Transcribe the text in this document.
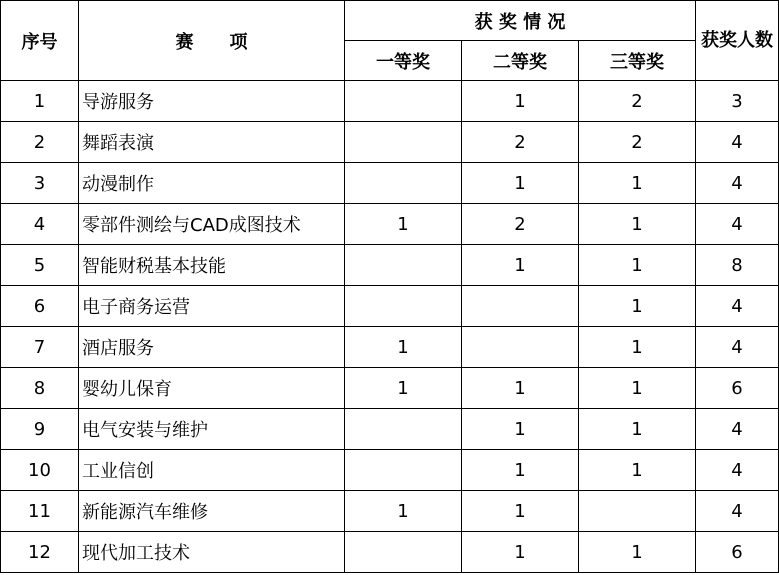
序号	赛　　项	获 奖 情 况			获奖人数
		一等奖	二等奖	三等奖	
1	导游服务		1	2	3
2	舞蹈表演		2	2	4
3	动漫制作		1	1	4
4	零部件测绘与CAD成图技术	1	2	1	4
5	智能财税基本技能		1	1	8
6	电子商务运营			1	4
7	酒店服务	1		1	4
8	婴幼儿保育	1	1	1	6
9	电气安装与维护		1	1	4
10	工业信创		1	1	4
11	新能源汽车维修	1	1		4
12	现代加工技术		1	1	6
